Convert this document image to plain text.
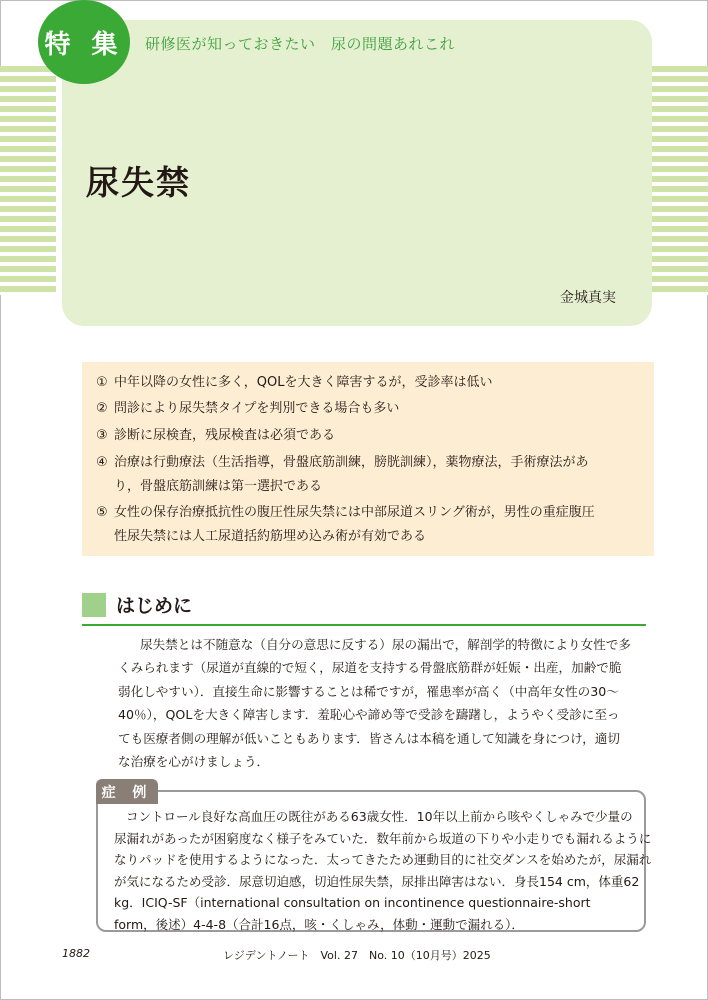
特 集 研修医が知っておきたい　尿の問題あれこれ
尿失禁
金城真実
① 中年以降の女性に多く，QOLを大きく障害するが，受診率は低い
② 問診により尿失禁タイプを判別できる場合も多い
③ 診断に尿検査，残尿検査は必須である
④ 治療は行動療法（生活指導，骨盤底筋訓練，膀胱訓練），薬物療法，手術療法があ
り，骨盤底筋訓練は第一選択である
⑤ 女性の保存治療抵抗性の腹圧性尿失禁には中部尿道スリング術が，男性の重症腹圧
性尿失禁には人工尿道括約筋埋め込み術が有効である
はじめに
尿失禁とは不随意な（自分の意思に反する）尿の漏出で，解剖学的特徴により女性で多
くみられます（尿道が直線的で短く，尿道を支持する骨盤底筋群が妊娠・出産，加齢で脆
弱化しやすい）．直接生命に影響することは稀ですが，罹患率が高く（中高年女性の30〜
40％），QOLを大きく障害します．羞恥心や諦め等で受診を躊躇し，ようやく受診に至っ
ても医療者側の理解が低いこともあります．皆さんは本稿を通して知識を身につけ，適切
な治療を心がけましょう．
症 例
コントロール良好な高血圧の既往がある63歳女性．10年以上前から咳やくしゃみで少量の
尿漏れがあったが困窮度なく様子をみていた．数年前から坂道の下りや小走りでも漏れるように
なりパッドを使用するようになった．太ってきたため運動目的に社交ダンスを始めたが，尿漏れ
が気になるため受診．尿意切迫感，切迫性尿失禁，尿排出障害はない．身長154 cm，体重62
kg．ICIQ-SF（international consultation on incontinence questionnaire-short
form，後述）4-4-8（合計16点，咳・くしゃみ，体動・運動で漏れる）．
1882	レジデントノート　Vol. 27　No. 10（10月号）2025
